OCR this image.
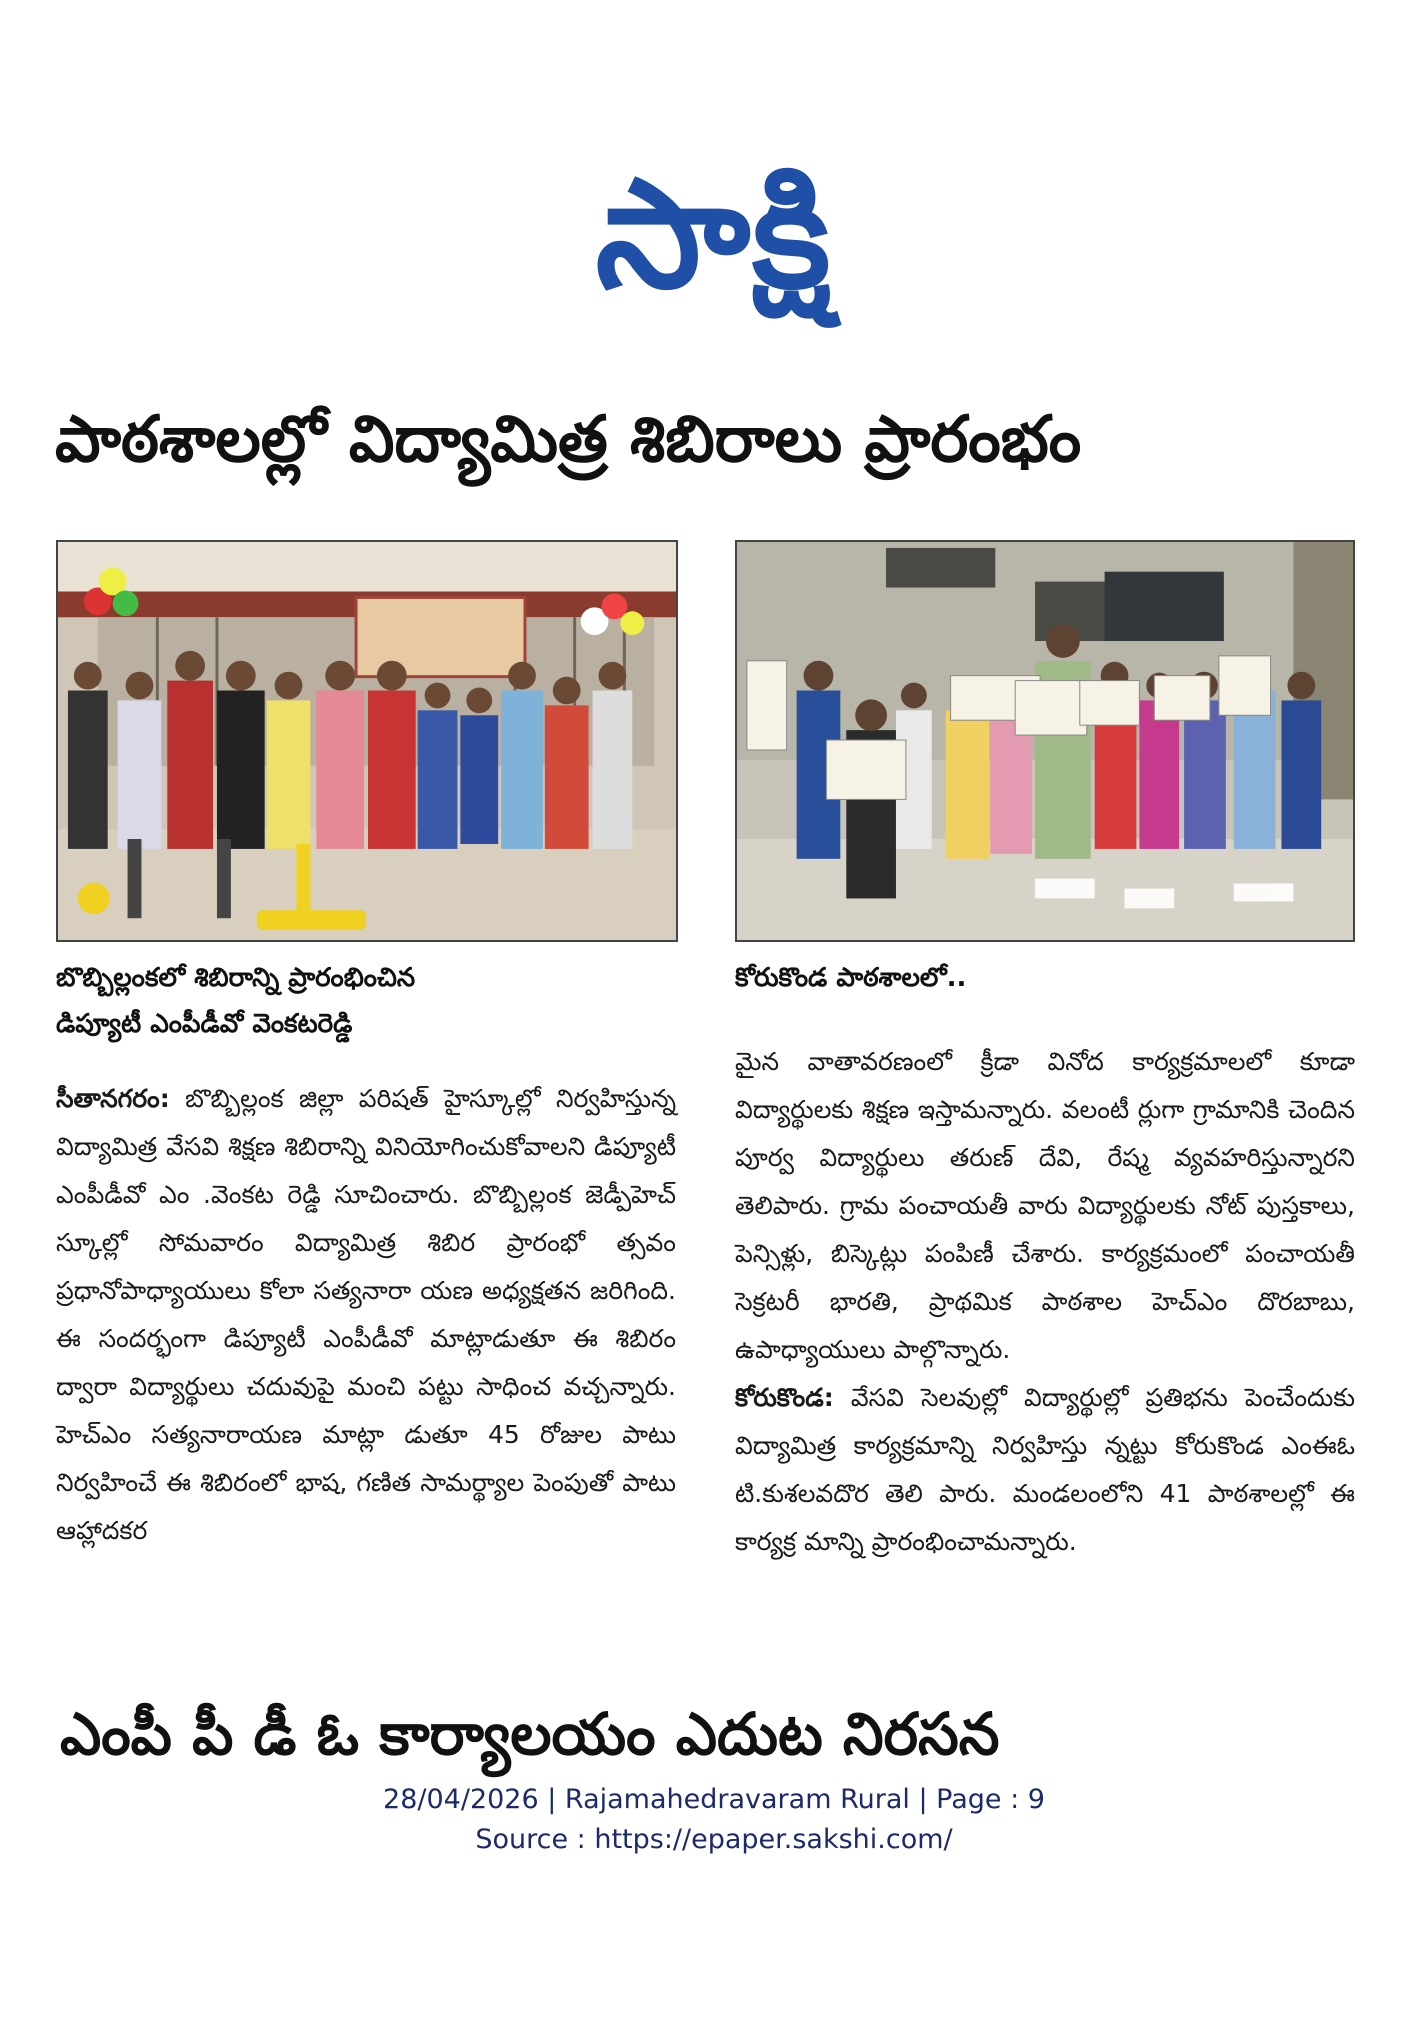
సాక్షి
పాఠశాలల్లో విద్యామిత్ర శిబిరాలు ప్రారంభం
బొబ్బిల్లంకలో శిబిరాన్ని ప్రారంభించిన
డిప్యూటీ ఎంపీడీవో వెంకటరెడ్డి
కోరుకొండ పాఠశాలలో..

సీతానగరం: బొబ్బిల్లంక జిల్లా పరిషత్ హైస్కూల్లో నిర్వహిస్తున్న విద్యామిత్ర వేసవి శిక్షణ శిబిరాన్ని వినియోగించుకోవాలని డిప్యూటీ ఎంపీడీవో ఎం .వెంకట రెడ్డి సూచించారు. బొబ్బిల్లంక జెడ్పీహెచ్ స్కూల్లో సోమవారం విద్యామిత్ర శిబిర ప్రారంభో త్సవం ప్రధానోపాధ్యాయులు కోలా సత్యనారా యణ అధ్యక్షతన జరిగింది. ఈ సందర్భంగా డిప్యూటీ ఎంపీడీవో మాట్లాడుతూ ఈ శిబిరం ద్వారా విద్యార్థులు చదువుపై మంచి పట్టు సాధించ వచ్చన్నారు. హెచ్ఎం సత్యనారాయణ మాట్లా డుతూ 45 రోజుల పాటు నిర్వహించే ఈ శిబిరంలో భాష, గణిత సామర్థ్యాల పెంపుతో పాటు ఆహ్లాదకర

మైన వాతావరణంలో క్రీడా వినోద కార్యక్రమాలలో కూడా విద్యార్థులకు శిక్షణ ఇస్తామన్నారు. వలంటీ ర్లుగా గ్రామానికి చెందిన పూర్వ విద్యార్థులు తరుణ్ దేవి, రేష్మ వ్యవహరిస్తున్నారని తెలిపారు. గ్రామ పంచాయతీ వారు విద్యార్థులకు నోట్ పుస్తకాలు, పెన్సిళ్లు, బిస్కెట్లు పంపిణీ చేశారు. కార్యక్రమంలో పంచాయతీ సెక్రటరీ భారతి, ప్రాథమిక పాఠశాల హెచ్ఎం దొరబాబు, ఉపాధ్యాయులు పాల్గొన్నారు.

కోరుకొండ: వేసవి సెలవుల్లో విద్యార్థుల్లో ప్రతిభను పెంచేందుకు విద్యామిత్ర కార్యక్రమాన్ని నిర్వహిస్తు న్నట్టు కోరుకొండ ఎంఈఓ టి.కుశలవదొర తెలి పారు. మండలంలోని 41 పాఠశాలల్లో ఈ కార్యక్ర మాన్ని ప్రారంభించామన్నారు.

ఎంపీ పీ డీ ఓ కార్యాలయం ఎదుట నిరసన
28/04/2026 | Rajamahedravaram Rural | Page : 9
Source : https://epaper.sakshi.com/
